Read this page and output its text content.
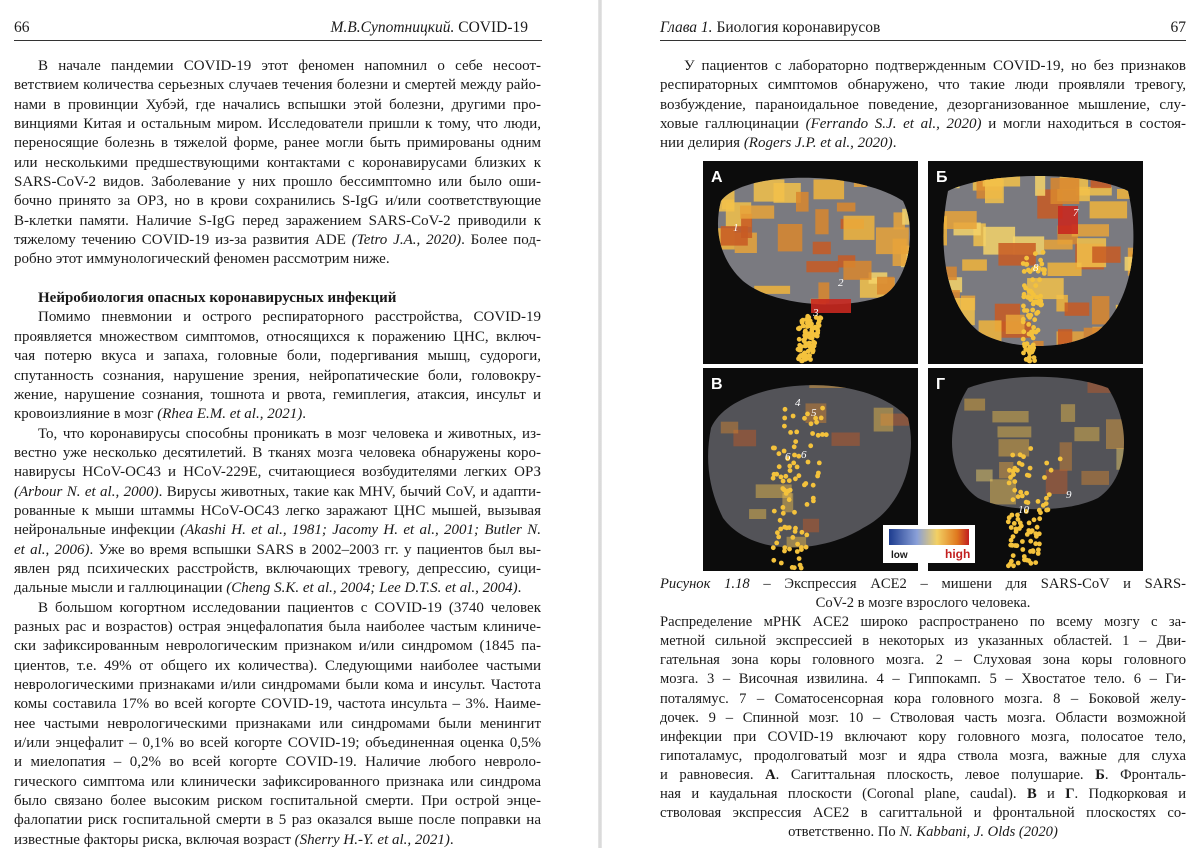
66	М.В.Супотницкий. COVID-19
В начале пандемии COVID-19 этот феномен напомнил о себе несоот-
ветствием количества серьезных случаев течения болезни и смертей между райо-
нами в провинции Хубэй, где начались вспышки этой болезни, другими про-
винциями Китая и остальным миром. Исследователи пришли к тому, что люди,
переносящие болезнь в тяжелой форме, ранее могли быть примированы одним
или несколькими предшествующими контактами с коронавирусами близких к
SARS-CoV-2 видов. Заболевание у них прошло бессимптомно или было оши-
бочно принято за ОРЗ, но в крови сохранились S-IgG и/или соответствующие
В-клетки памяти. Наличие S-IgG перед заражением SARS-CoV-2 приводили к
тяжелому течению COVID-19 из-за развития ADE (Tetro J.A., 2020). Более под-
робно этот иммунологический феномен рассмотрим ниже.

Нейробиология опасных коронавирусных инфекций
Помимо пневмонии и острого респираторного расстройства, COVID-19
проявляется множеством симптомов, относящихся к поражению ЦНС, включ-
чая потерю вкуса и запаха, головные боли, подергивания мышц, судороги,
спутанность сознания, нарушение зрения, нейропатические боли, головокру-
жение, нарушение сознания, тошнота и рвота, гемиплегия, атаксия, инсульт и
кровоизлияние в мозг (Rhea E.M. et al., 2021).
То, что коронавирусы способны проникать в мозг человека и животных, из-
вестно уже несколько десятилетий. В тканях мозга человека обнаружены коро-
навирусы HCoV-OC43 и HCoV-229E, считающиеся возбудителями легких ОРЗ
(Arbour N. et al., 2000). Вирусы животных, такие как MHV, бычий CoV, и адапти-
рованные к мыши штаммы HCoV-OC43 легко заражают ЦНС мышей, вызывая
нейрональные инфекции (Akashi H. et al., 1981; Jacomy H. et al., 2001; Butler N.
et al., 2006). Уже во время вспышки SARS в 2002–2003 гг. у пациентов был вы-
явлен ряд психических расстройств, включающих тревогу, депрессию, суици-
дальные мысли и галлюцинации (Cheng S.K. et al., 2004; Lee D.T.S. et al., 2004).
В большом когортном исследовании пациентов с COVID-19 (3740 человек
разных рас и возрастов) острая энцефалопатия была наиболее частым клиниче-
ски зафиксированным неврологическим признаком и/или синдромом (1845 па-
циентов, т.е. 49% от общего их количества). Следующими наиболее частыми
неврологическими признаками и/или синдромами были кома и инсульт. Частота
комы составила 17% во всей когорте COVID-19, частота инсульта – 3%. Наиме-
нее частыми неврологическими признаками или синдромами были менингит
и/или энцефалит – 0,1% во всей когорте COVID-19; объединенная оценка 0,5%
и миелопатия – 0,2% во всей когорте COVID-19. Наличие любого невроло-
гического симптома или клинически зафиксированного признака или синдрома
было связано более высоким риском госпитальной смерти. При острой энце-
фалопатии риск госпитальной смерти в 5 раз оказался выше после поправки на
известные факторы риска, включая возраст (Sherry H.-Y. et al., 2021).
Глава 1. Биология коронавирусов	67
У пациентов с лабораторно подтвержденным COVID-19, но без признаков
респираторных симптомов обнаружено, что такие люди проявляли тревогу,
возбуждение, параноидальное поведение, дезорганизованное мышление, слу-
ховые галлюцинации (Ferrando S.J. et al., 2020) и могли находиться в состоя-
нии делирия (Rogers J.P. et al., 2020).
1
2
3
А
7
8
Б
4
5
6 6
В
9
10
Г
low	high
Рисунок 1.18 – Экспрессия ACE2 – мишени для SARS-CoV и SARS-
CoV-2 в мозге взрослого человека.
Распределение мРНК ACE2 широко распространено по всему мозгу с за-
метной сильной экспрессией в некоторых из указанных областей. 1 – Дви-
гательная зона коры головного мозга. 2 – Слуховая зона коры головного
мозга. 3 – Височная извилина. 4 – Гиппокамп. 5 – Хвостатое тело. 6 – Ги-
поталямус. 7 – Соматосенсорная кора головного мозга. 8 – Боковой желу-
дочек. 9 – Спинной мозг. 10 – Стволовая часть мозга. Области возможной
инфекции при COVID-19 включают кору головного мозга, полосатое тело,
гипоталамус, продолговатый мозг и ядра ствола мозга, важные для слуха
и равновесия. А. Сагиттальная плоскость, левое полушарие. Б. Фронталь-
ная и каудальная плоскости (Coronal plane, caudal). В и Г. Подкорковая и
стволовая экспрессия ACE2 в сагиттальной и фронтальной плоскостях со-
ответственно. По N. Kabbani, J. Olds (2020)
